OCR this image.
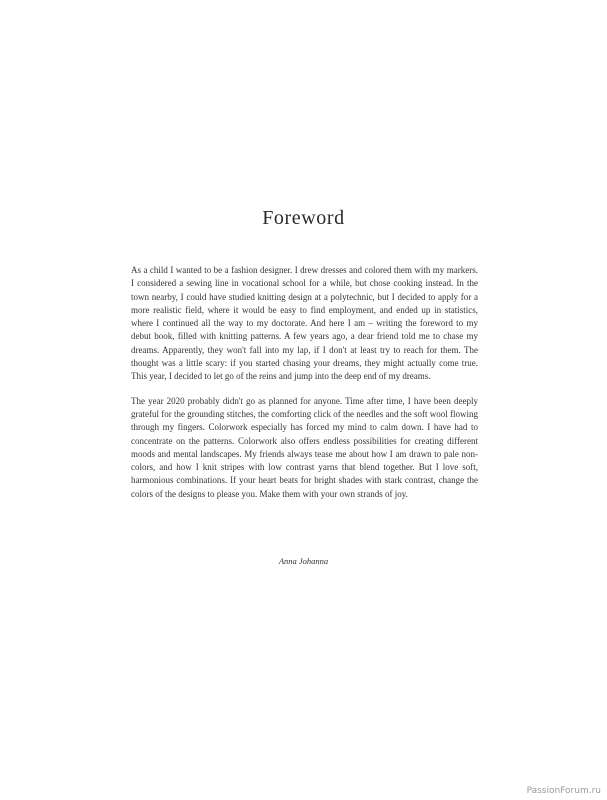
Foreword

As a child I wanted to be a fashion designer. I drew dresses and colored them with my markers. I considered a sewing line in vocational school for a while, but chose cooking instead. In the town nearby, I could have studied knitting design at a polytechnic, but I decided to apply for a more realistic field, where it would be easy to find employment, and ended up in statistics, where I continued all the way to my doctorate. And here I am – writing the foreword to my debut book, filled with knitting patterns. A few years ago, a dear friend told me to chase my dreams. Apparently, they won't fall into my lap, if I don't at least try to reach for them. The thought was a little scary: if you started chasing your dreams, they might actually come true. This year, I decided to let go of the reins and jump into the deep end of my dreams.

The year 2020 probably didn't go as planned for anyone. Time after time, I have been deeply grateful for the grounding stitches, the comforting click of the needles and the soft wool flowing through my fingers. Colorwork especially has forced my mind to calm down. I have had to concentrate on the patterns. Colorwork also offers endless possibilities for creating different moods and mental landscapes. My friends always tease me about how I am drawn to pale non-colors, and how I knit stripes with low contrast yarns that blend together. But I love soft, harmonious combinations. If your heart beats for bright shades with stark contrast, change the colors of the designs to please you. Make them with your own strands of joy.

Anna Johanna
PassionForum.ru
